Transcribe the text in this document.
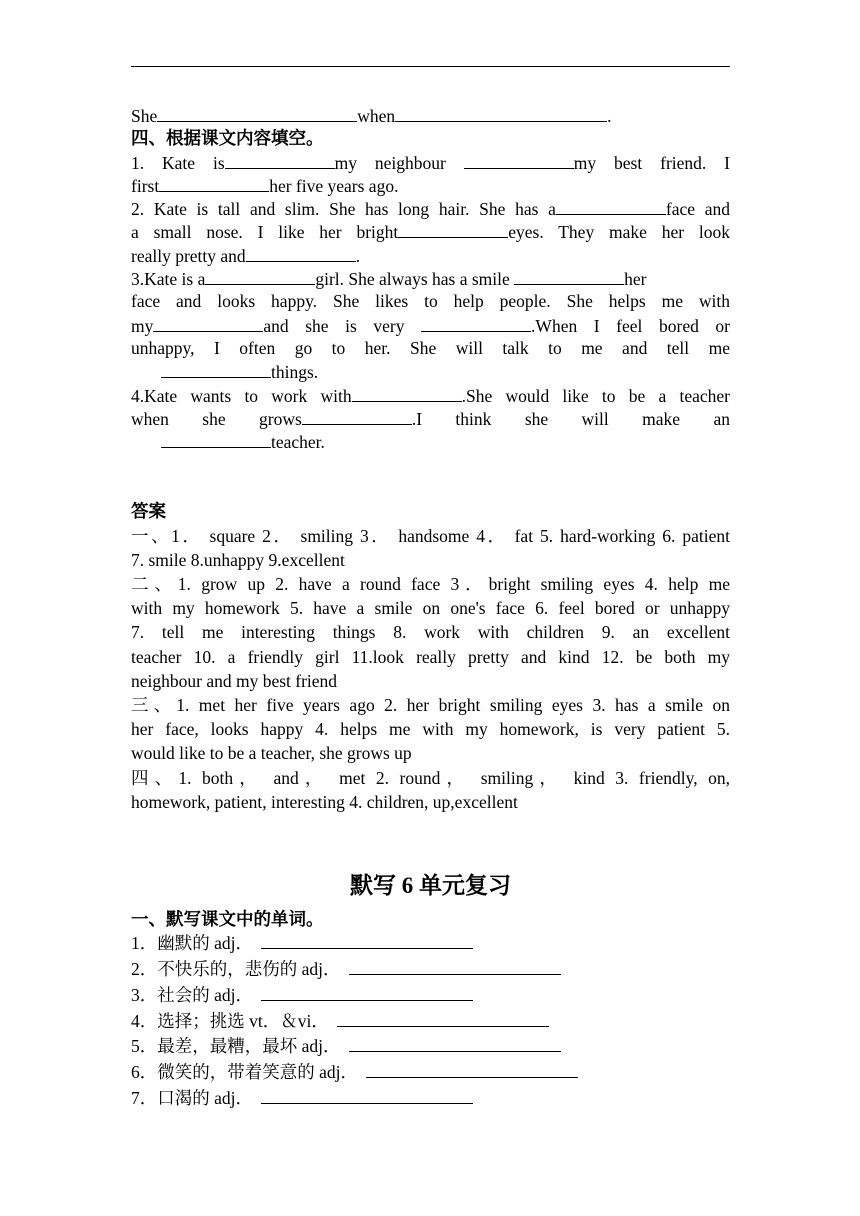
She	when	.
四、根据课文内容填空。
1. Kate is	my neighbour	my best friend. I
first	her five years ago.
2. Kate is tall and slim. She has long hair. She has a	face and
a small nose. I like her bright	eyes. They make her look
really pretty and	.
3.Kate is a	girl. She always has a smile	her
face and looks happy. She likes to help people. She helps me with
my	and she is very	.When I feel bored or
unhappy, I often go to her. She will talk to me and tell me
things.
4.Kate wants to work with	.She would like to be a teacher
when she grows	.I think she will make an
teacher.
答案
一、1． square 2． smiling 3． handsome 4． fat 5. hard-working 6. patient
7. smile 8.unhappy 9.excellent
二、1. grow up 2. have a round face 3．bright smiling eyes 4. help me
with my homework 5. have a smile on one's face 6. feel bored or unhappy
7. tell me interesting things 8. work with children 9. an excellent
teacher 10. a friendly girl 11.look really pretty and kind 12. be both my
neighbour and my best friend
三、1. met her five years ago 2. her bright smiling eyes 3. has a smile on
her face, looks happy 4. helps me with my homework, is very patient 5.
would like to be a teacher, she grows up
四、1. both， and， met 2. round， smiling， kind 3. friendly, on,
homework, patient, interesting 4. children, up,excellent
默写 6 单元复习
一、默写课文中的单词。
1．幽默的 adj．
2．不快乐的，悲伤的 adj．
3．社会的 adj．
4．选择；挑选 vt．＆vi．
5．最差，最糟，最坏 adj．
6．微笑的，带着笑意的 adj．
7．口渴的 adj．
